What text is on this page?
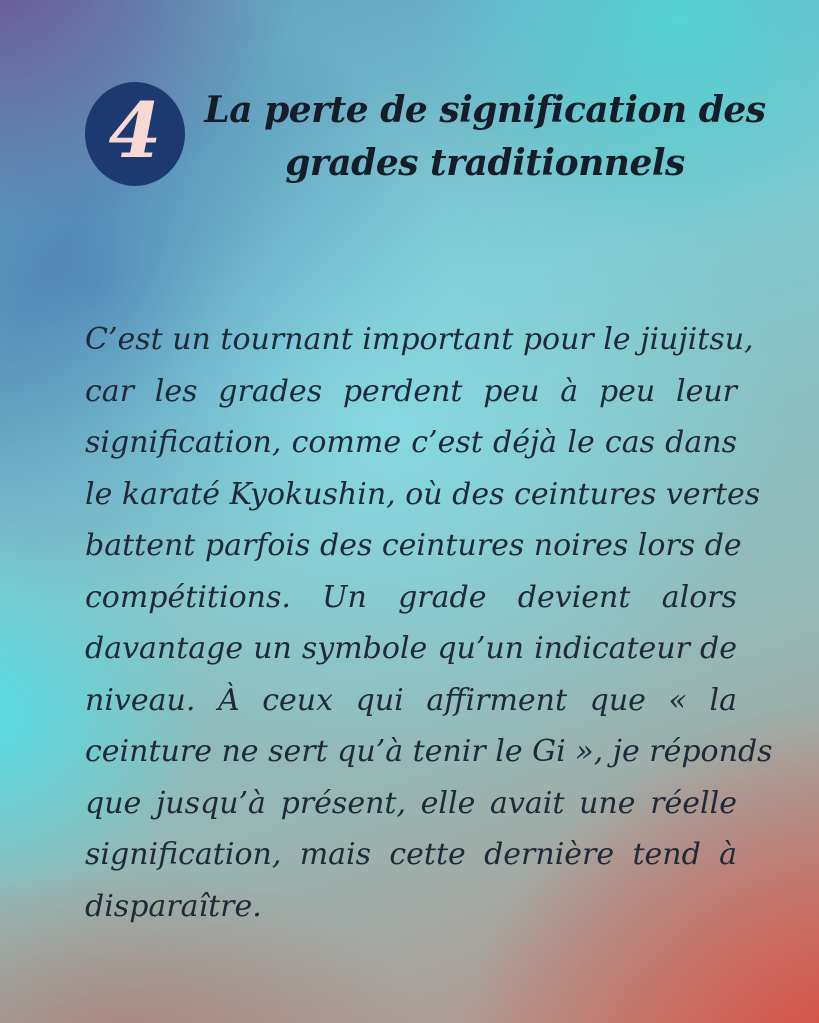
4 La perte de signification des
grades traditionnels
C’est un tournant important pour le jiujitsu,
car les grades perdent peu à peu leur
signification, comme c’est déjà le cas dans
le karaté Kyokushin, où des ceintures vertes
battent parfois des ceintures noires lors de
compétitions. Un grade devient alors
davantage un symbole qu’un indicateur de
niveau. À ceux qui affirment que « la
ceinture ne sert qu’à tenir le Gi », je réponds
que jusqu’à présent, elle avait une réelle
signification, mais cette dernière tend à
disparaître.
